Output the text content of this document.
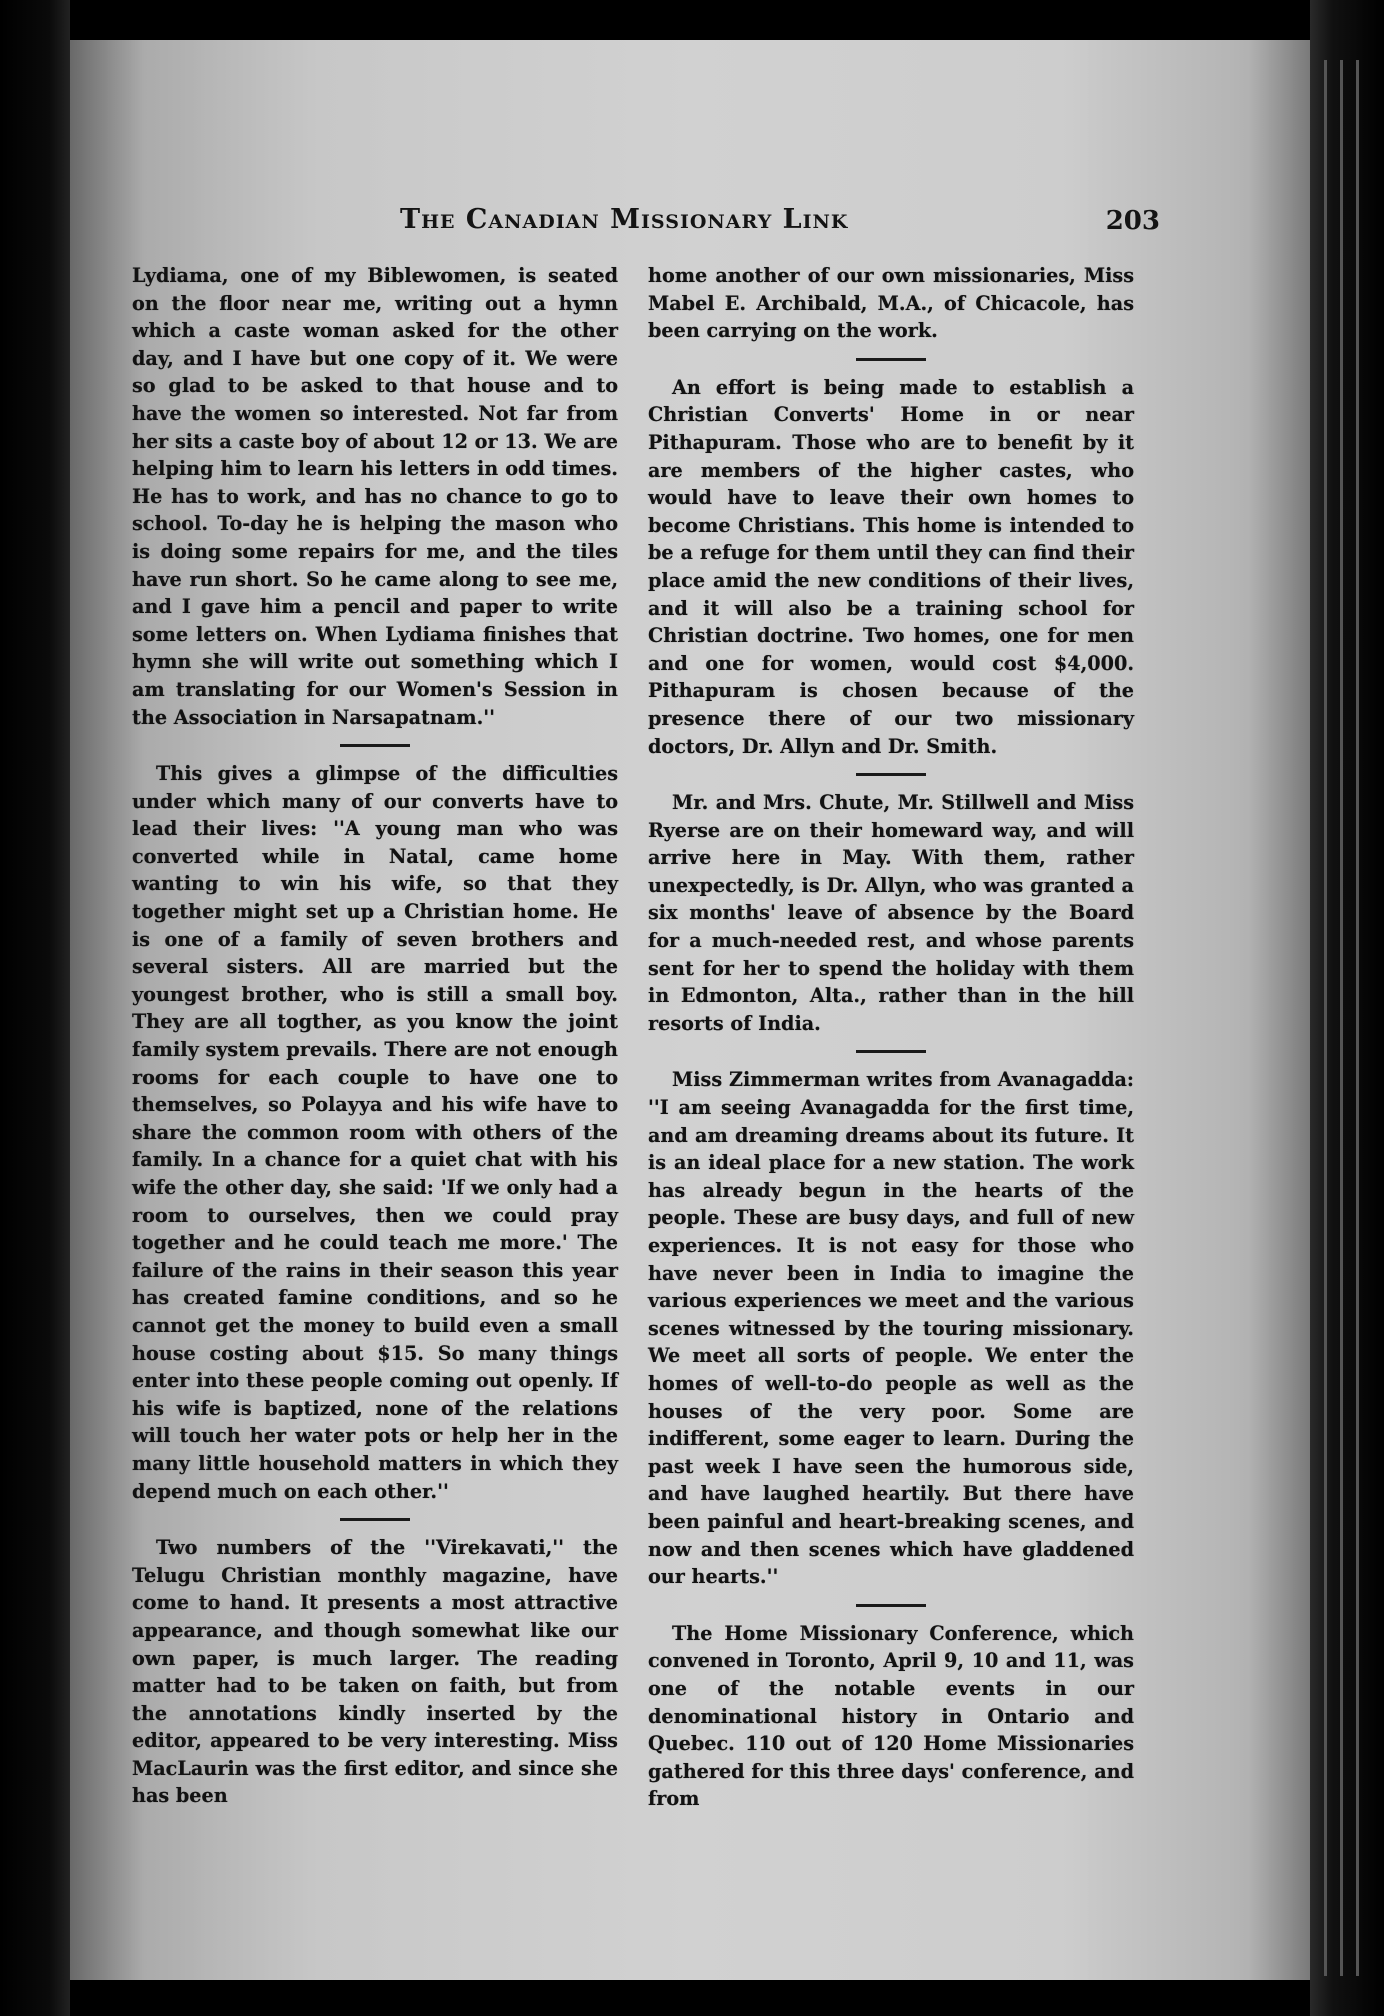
The Canadian Missionary Link	203

Lydiama, one of my Biblewomen, is seated on the floor near me, writing out a hymn which a caste woman asked for the other day, and I have but one copy of it. We were so glad to be asked to that house and to have the women so interested. Not far from her sits a caste boy of about 12 or 13. We are helping him to learn his letters in odd times. He has to work, and has no chance to go to school. To-day he is helping the mason who is doing some repairs for me, and the tiles have run short. So he came along to see me, and I gave him a pencil and paper to write some letters on. When Lydiama finishes that hymn she will write out something which I am translating for our Women's Session in the Association in Narsapatnam.''

This gives a glimpse of the difficulties under which many of our converts have to lead their lives: ''A young man who was converted while in Natal, came home wanting to win his wife, so that they together might set up a Christian home. He is one of a family of seven brothers and several sisters. All are married but the youngest brother, who is still a small boy. They are all togther, as you know the joint family system prevails. There are not enough rooms for each couple to have one to themselves, so Polayya and his wife have to share the common room with others of the family. In a chance for a quiet chat with his wife the other day, she said: 'If we only had a room to ourselves, then we could pray together and he could teach me more.' The failure of the rains in their season this year has created famine conditions, and so he cannot get the money to build even a small house costing about $15. So many things enter into these people coming out openly. If his wife is baptized, none of the relations will touch her water pots or help her in the many little household matters in which they depend much on each other.''

Two numbers of the ''Virekavati,'' the Telugu Christian monthly magazine, have come to hand. It presents a most attractive appearance, and though somewhat like our own paper, is much larger. The reading matter had to be taken on faith, but from the annotations kindly inserted by the editor, appeared to be very interesting. Miss MacLaurin was the first editor, and since she has been

home another of our own missionaries, Miss Mabel E. Archibald, M.A., of Chicacole, has been carrying on the work.

An effort is being made to establish a Christian Converts' Home in or near Pithapuram. Those who are to benefit by it are members of the higher castes, who would have to leave their own homes to become Christians. This home is intended to be a refuge for them until they can find their place amid the new conditions of their lives, and it will also be a training school for Christian doctrine. Two homes, one for men and one for women, would cost $4,000. Pithapuram is chosen because of the presence there of our two missionary doctors, Dr. Allyn and Dr. Smith.

Mr. and Mrs. Chute, Mr. Stillwell and Miss Ryerse are on their homeward way, and will arrive here in May. With them, rather unexpectedly, is Dr. Allyn, who was granted a six months' leave of absence by the Board for a much-needed rest, and whose parents sent for her to spend the holiday with them in Edmonton, Alta., rather than in the hill resorts of India.

Miss Zimmerman writes from Avanagadda: ''I am seeing Avanagadda for the first time, and am dreaming dreams about its future. It is an ideal place for a new station. The work has already begun in the hearts of the people. These are busy days, and full of new experiences. It is not easy for those who have never been in India to imagine the various experiences we meet and the various scenes witnessed by the touring missionary. We meet all sorts of people. We enter the homes of well-to-do people as well as the houses of the very poor. Some are indifferent, some eager to learn. During the past week I have seen the humorous side, and have laughed heartily. But there have been painful and heart-breaking scenes, and now and then scenes which have gladdened our hearts.''

The Home Missionary Conference, which convened in Toronto, April 9, 10 and 11, was one of the notable events in our denominational history in Ontario and Quebec. 110 out of 120 Home Missionaries gathered for this three days' conference, and from
